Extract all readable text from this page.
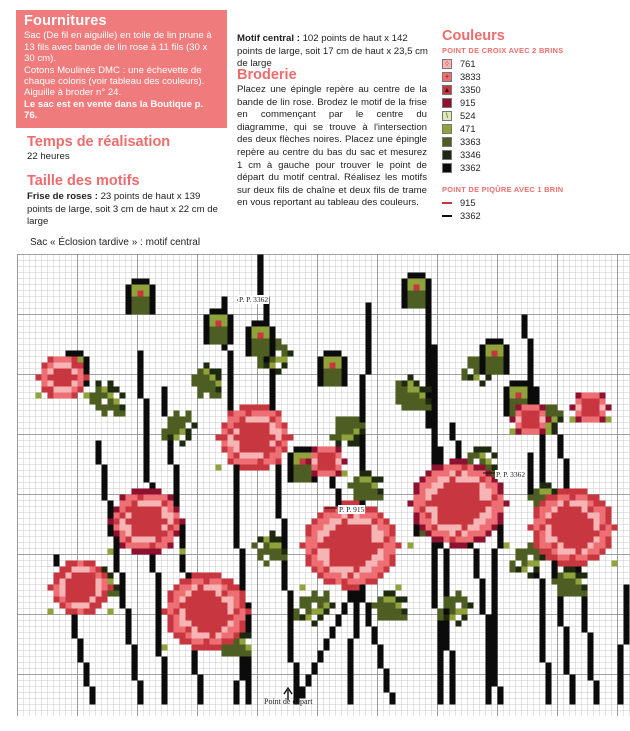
Fournitures

Sac (De fil en aiguille) en toile de lin prune à 13 fils avec bande de lin rose à 11 fils (30 x 30 cm).

Cotons Moulinés DMC : une échevette de chaque coloris (voir tableau des couleurs).

Aiguille à broder n° 24.

Le sac est en vente dans la Boutique p. 76.

Temps de réalisation

22 heures

Taille des motifs

Frise de roses : 23 points de haut x 139 points de large, soit 3 cm de haut x 22 cm de large

Motif central : 102 points de haut x 142 points de large, soit 17 cm de haut x 23,5 cm de large

Broderie

Placez une épingle repère au centre de la bande de lin rose. Brodez le motif de la frise en commençant par le centre du diagramme, qui se trouve à l'intersection des deux flèches noires. Placez une épingle repère au centre du bas du sac et mesurez 1 cm à gauche pour trouver le point de départ du motif central. Réalisez les motifs sur deux fils de chaîne et deux fils de trame en vous reportant au tableau des couleurs.

Couleurs
POINT DE CROIX AVEC 2 BRINS
◊	761
+	3833
▲ 3350
915
\	524
471
3363
3346
3362
POINT DE PIQÛRE AVEC 1 BRIN
915
3362
Sac « Éclosion tardive » : motif central
P. P. 3362
P. P. 3362
P. P. 915
Point de départ
